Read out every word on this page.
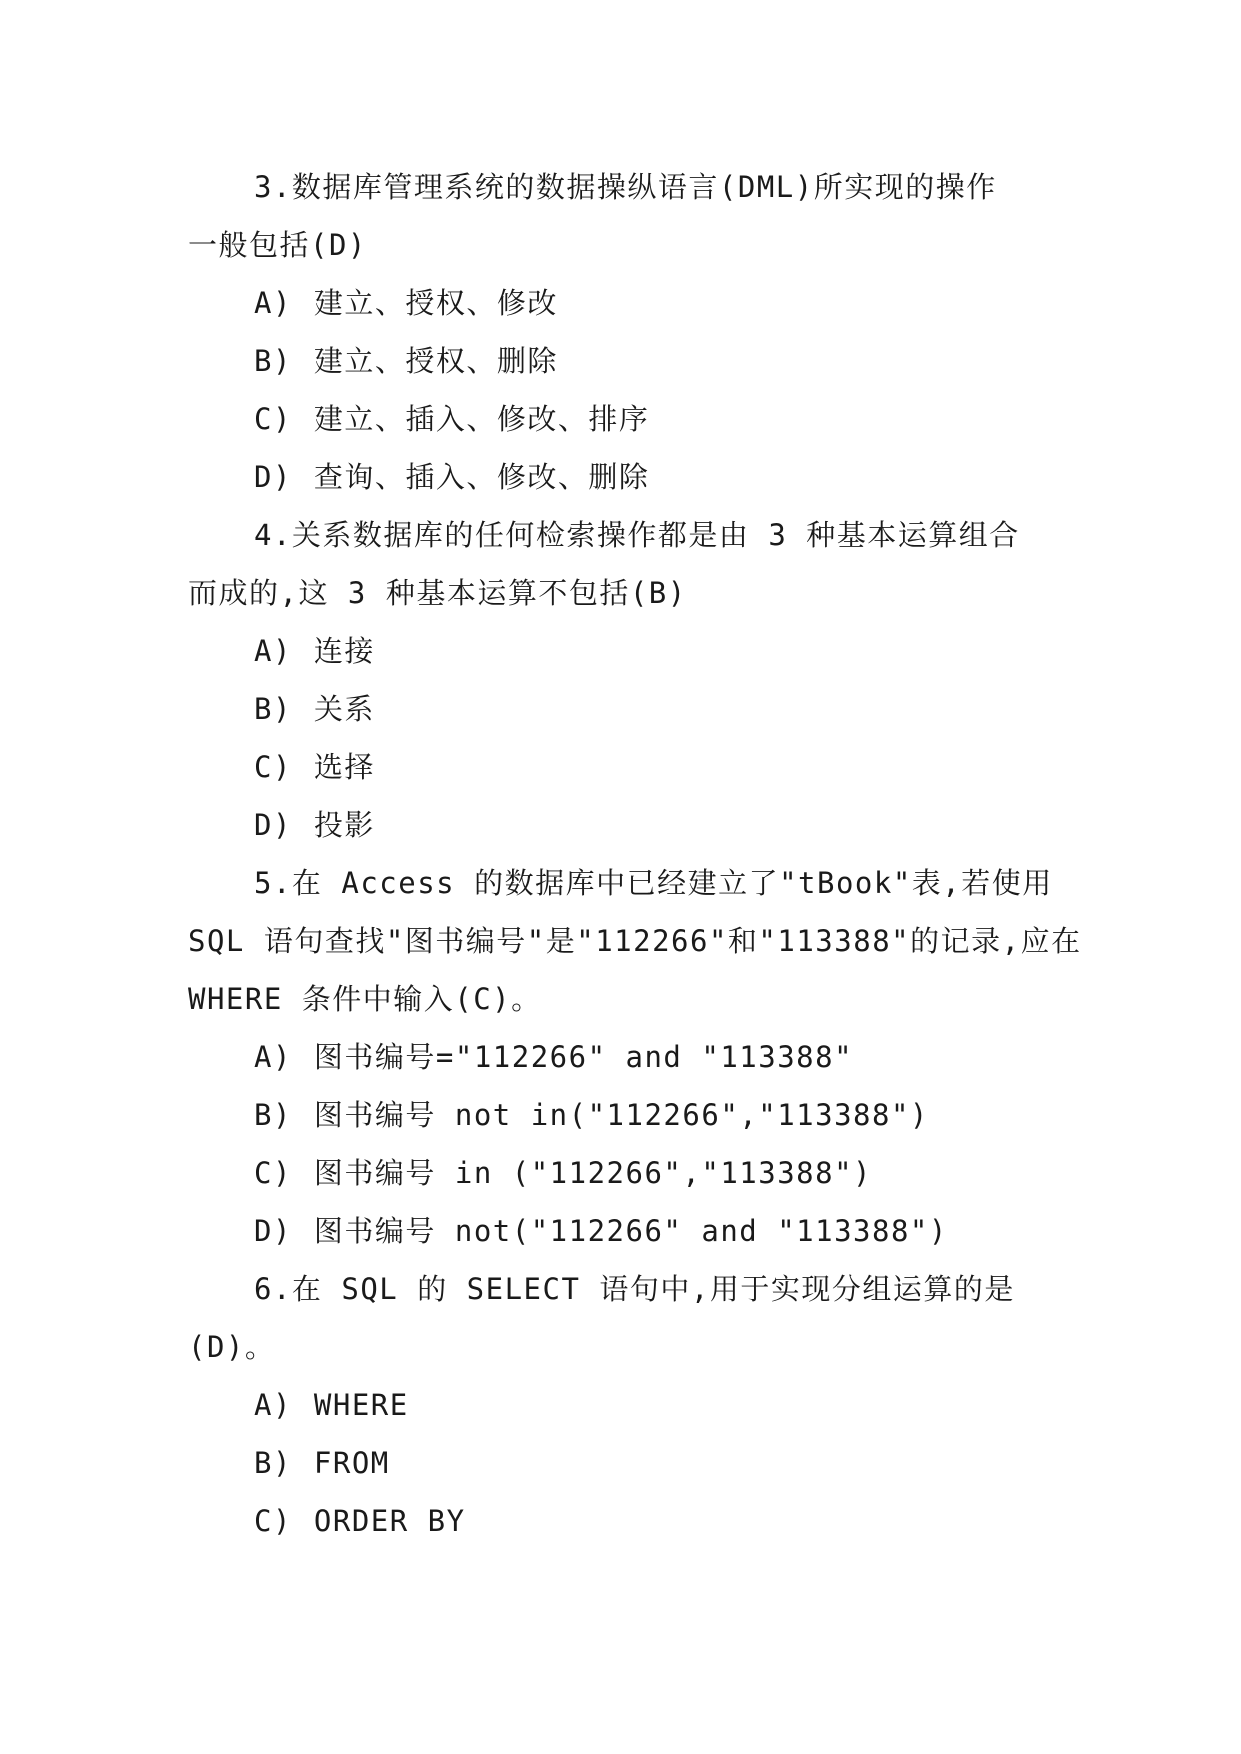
3.数据库管理系统的数据操纵语言(DML)所实现的操作
一般包括(D)
A) 建立、授权、修改
B) 建立、授权、删除
C) 建立、插入、修改、排序
D) 查询、插入、修改、删除
4.关系数据库的任何检索操作都是由 3 种基本运算组合
而成的,这 3 种基本运算不包括(B)
A) 连接
B) 关系
C) 选择
D) 投影
5.在 Access 的数据库中已经建立了"tBook"表,若使用
SQL 语句查找"图书编号"是"112266"和"113388"的记录,应在
WHERE 条件中输入(C)。
A) 图书编号="112266" and "113388"
B) 图书编号 not in("112266","113388")
C) 图书编号 in ("112266","113388")
D) 图书编号 not("112266" and "113388")
6.在 SQL 的 SELECT 语句中,用于实现分组运算的是
(D)。
A) WHERE
B) FROM
C) ORDER BY
